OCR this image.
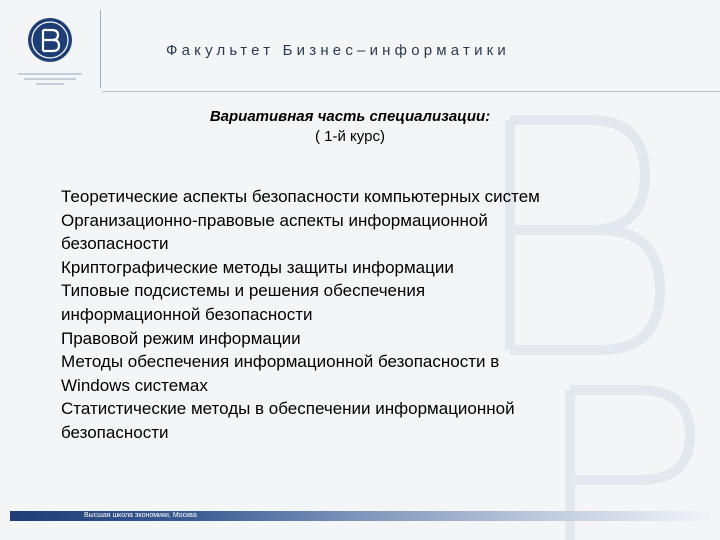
Факультет Бизнес–информатики
Вариативная часть специализации:
( 1-й курс)
Теоретические аспекты безопасности компьютерных систем
Организационно-правовые аспекты информационной
безопасности
Криптографические методы защиты информации
Типовые подсистемы и решения обеспечения
информационной безопасности
Правовой режим информации
Методы обеспечения информационной безопасности в
Windows системах
Статистические методы в обеспечении информационной
безопасности
Высшая школа экономики, Москва
